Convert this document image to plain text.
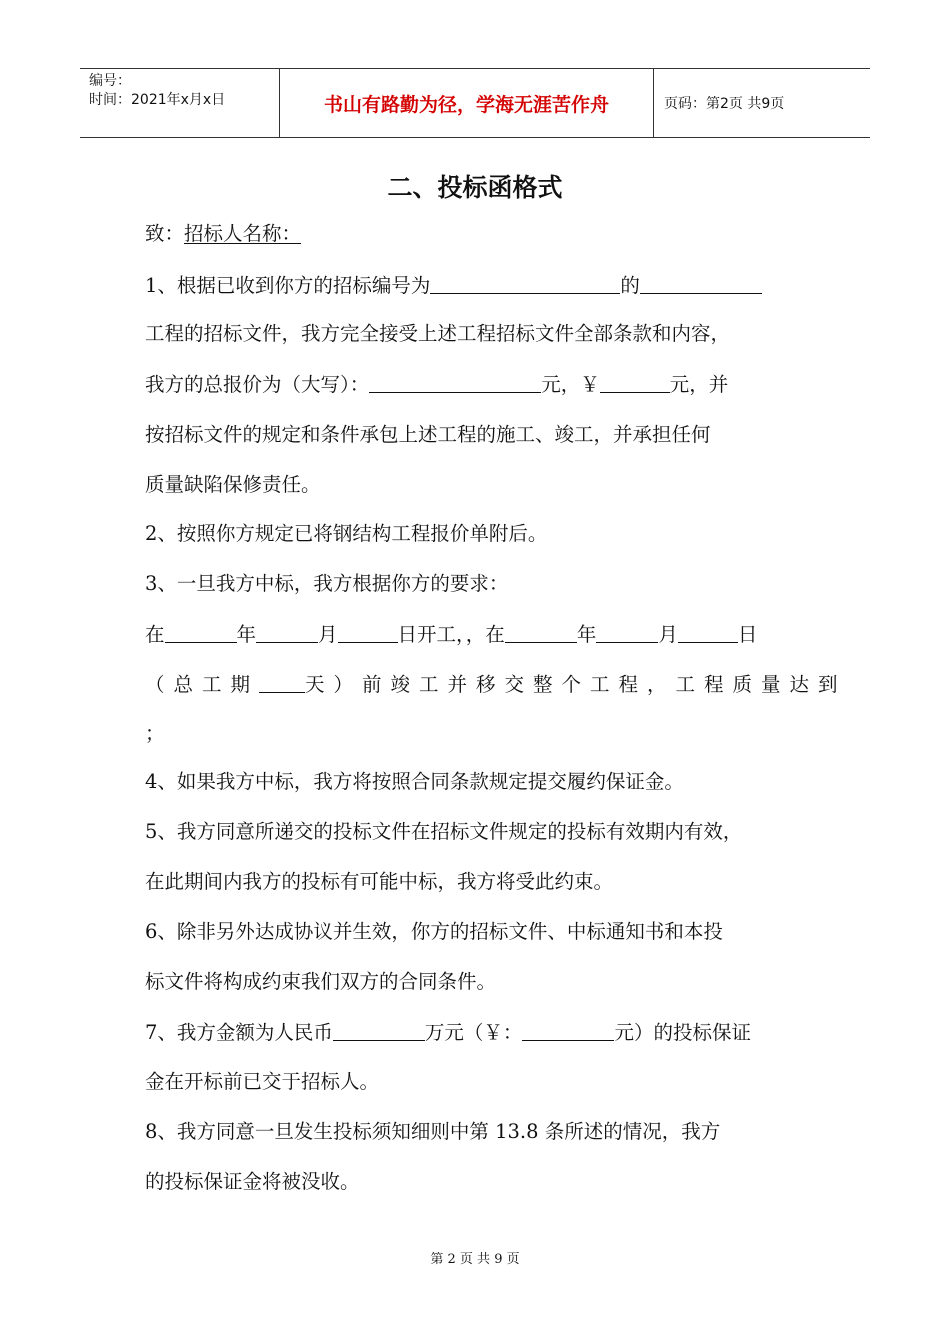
编号：
时间：2021年x月x日	书山有路勤为径，学海无涯苦作舟	页码：第2页 共9页
二、投标函格式
致：招标人名称：
1、根据已收到你方的招标编号为	的
工程的招标文件，我方完全接受上述工程招标文件全部条款和内容，
我方的总报价为（大写）：	元，￥	元，并
按招标文件的规定和条件承包上述工程的施工、竣工，并承担任何
质量缺陷保修责任。
2、按照你方规定已将钢结构工程报价单附后。
3、一旦我方中标，我方根据你方的要求：
在	年	月	日开工，，在	年	月	日
（总工期 天）前竣工并移交整个工程，工程质量达到
；
4、如果我方中标，我方将按照合同条款规定提交履约保证金。
5、我方同意所递交的投标文件在招标文件规定的投标有效期内有效，
在此期间内我方的投标有可能中标，我方将受此约束。
6、除非另外达成协议并生效，你方的招标文件、中标通知书和本投
标文件将构成约束我们双方的合同条件。
7、我方金额为人民币	万元（￥：	元）的投标保证
金在开标前已交于招标人。
8、我方同意一旦发生投标须知细则中第 13.8 条所述的情况，我方
的投标保证金将被没收。
第 2 页 共 9 页
